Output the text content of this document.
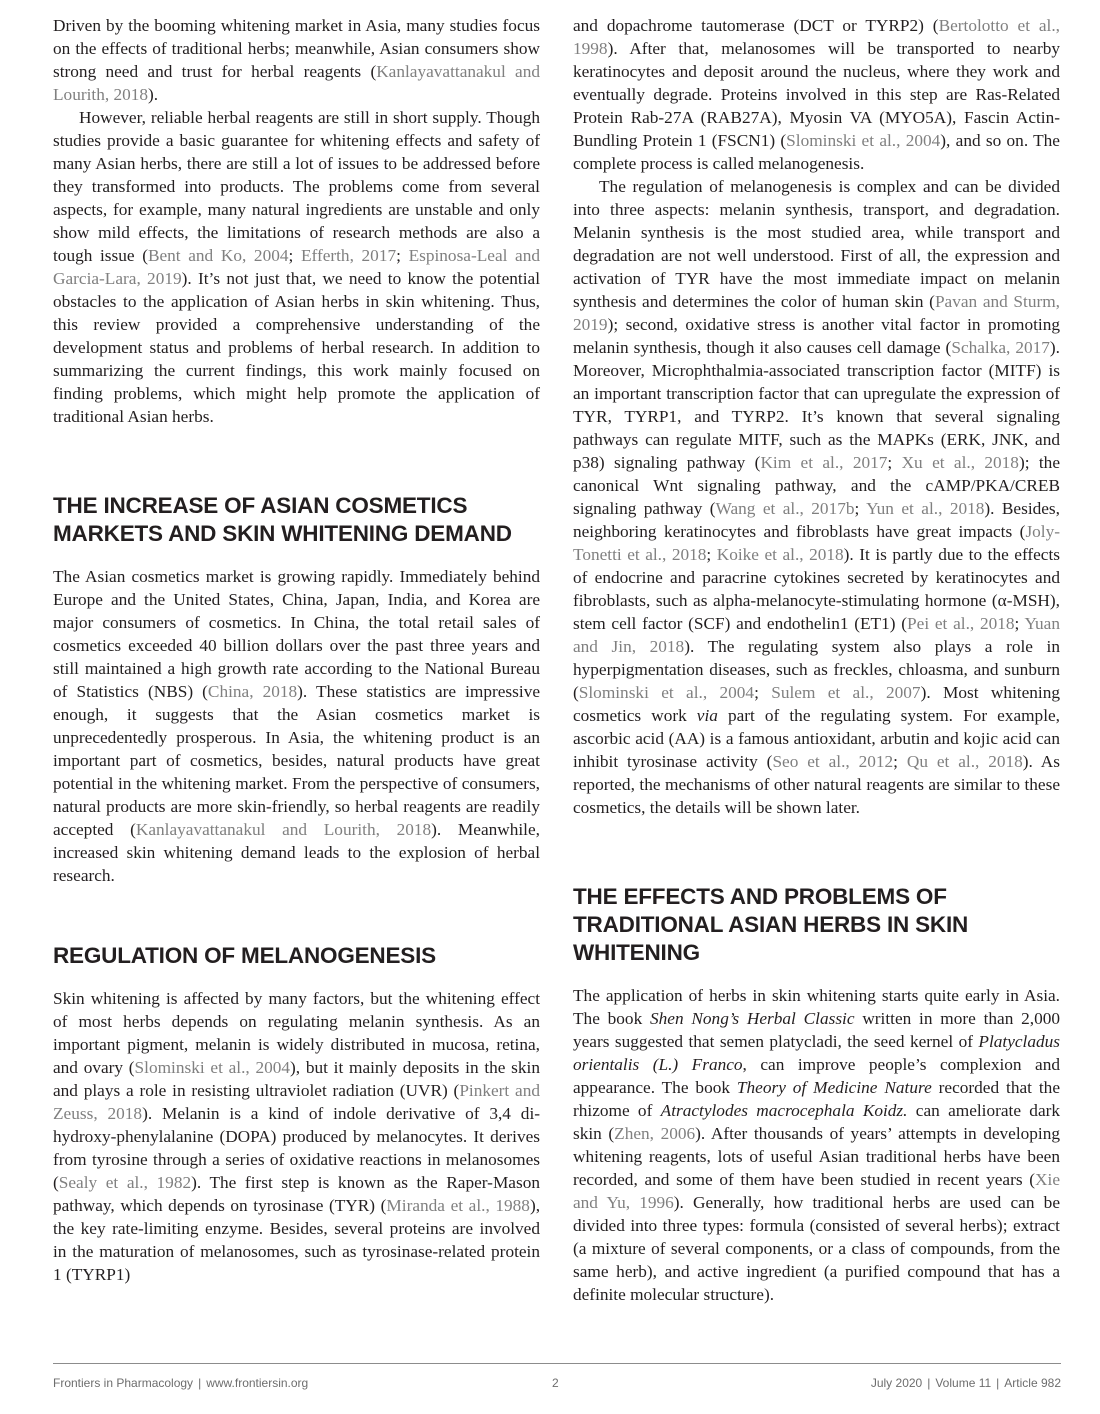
Driven by the booming whitening market in Asia, many studies focus on the effects of traditional herbs; meanwhile, Asian consumers show strong need and trust for herbal reagents (Kanlayavattanakul and Lourith, 2018).

However, reliable herbal reagents are still in short supply. Though studies provide a basic guarantee for whitening effects and safety of many Asian herbs, there are still a lot of issues to be addressed before they transformed into products. The problems come from several aspects, for example, many natural ingredients are unstable and only show mild effects, the limitations of research methods are also a tough issue (Bent and Ko, 2004; Efferth, 2017; Espinosa-Leal and Garcia-Lara, 2019). It’s not just that, we need to know the potential obstacles to the application of Asian herbs in skin whitening. Thus, this review provided a comprehensive understanding of the development status and problems of herbal research. In addition to summarizing the current findings, this work mainly focused on finding problems, which might help promote the application of traditional Asian herbs.

THE INCREASE OF ASIAN COSMETICS MARKETS AND SKIN WHITENING DEMAND

The Asian cosmetics market is growing rapidly. Immediately behind Europe and the United States, China, Japan, India, and Korea are major consumers of cosmetics. In China, the total retail sales of cosmetics exceeded 40 billion dollars over the past three years and still maintained a high growth rate according to the National Bureau of Statistics (NBS) (China, 2018). These statistics are impressive enough, it suggests that the Asian cosmetics market is unprecedentedly prosperous. In Asia, the whitening product is an important part of cosmetics, besides, natural products have great potential in the whitening market. From the perspective of consumers, natural products are more skin-friendly, so herbal reagents are readily accepted (Kanlayavattanakul and Lourith, 2018). Meanwhile, increased skin whitening demand leads to the explosion of herbal research.

REGULATION OF MELANOGENESIS

Skin whitening is affected by many factors, but the whitening effect of most herbs depends on regulating melanin synthesis. As an important pigment, melanin is widely distributed in mucosa, retina, and ovary (Slominski et al., 2004), but it mainly deposits in the skin and plays a role in resisting ultraviolet radiation (UVR) (Pinkert and Zeuss, 2018). Melanin is a kind of indole derivative of 3,4 di-hydroxy-phenylalanine (DOPA) produced by melanocytes. It derives from tyrosine through a series of oxidative reactions in melanosomes (Sealy et al., 1982). The first step is known as the Raper-Mason pathway, which depends on tyrosinase (TYR) (Miranda et al., 1988), the key rate-limiting enzyme. Besides, several proteins are involved in the maturation of melanosomes, such as tyrosinase-related protein 1 (TYRP1)

and dopachrome tautomerase (DCT or TYRP2) (Bertolotto et al., 1998). After that, melanosomes will be transported to nearby keratinocytes and deposit around the nucleus, where they work and eventually degrade. Proteins involved in this step are Ras-Related Protein Rab-27A (RAB27A), Myosin VA (MYO5A), Fascin Actin-Bundling Protein 1 (FSCN1) (Slominski et al., 2004), and so on. The complete process is called melanogenesis.

The regulation of melanogenesis is complex and can be divided into three aspects: melanin synthesis, transport, and degradation. Melanin synthesis is the most studied area, while transport and degradation are not well understood. First of all, the expression and activation of TYR have the most immediate impact on melanin synthesis and determines the color of human skin (Pavan and Sturm, 2019); second, oxidative stress is another vital factor in promoting melanin synthesis, though it also causes cell damage (Schalka, 2017). Moreover, Microphthalmia-associated transcription factor (MITF) is an important transcription factor that can upregulate the expression of TYR, TYRP1, and TYRP2. It’s known that several signaling pathways can regulate MITF, such as the MAPKs (ERK, JNK, and p38) signaling pathway (Kim et al., 2017; Xu et al., 2018); the canonical Wnt signaling pathway, and the cAMP/PKA/CREB signaling pathway (Wang et al., 2017b; Yun et al., 2018). Besides, neighboring keratinocytes and fibroblasts have great impacts (Joly-Tonetti et al., 2018; Koike et al., 2018). It is partly due to the effects of endocrine and paracrine cytokines secreted by keratinocytes and fibroblasts, such as alpha-melanocyte-stimulating hormone (α-MSH), stem cell factor (SCF) and endothelin1 (ET1) (Pei et al., 2018; Yuan and Jin, 2018). The regulating system also plays a role in hyperpigmentation diseases, such as freckles, chloasma, and sunburn (Slominski et al., 2004; Sulem et al., 2007). Most whitening cosmetics work via part of the regulating system. For example, ascorbic acid (AA) is a famous antioxidant, arbutin and kojic acid can inhibit tyrosinase activity (Seo et al., 2012; Qu et al., 2018). As reported, the mechanisms of other natural reagents are similar to these cosmetics, the details will be shown later.

THE EFFECTS AND PROBLEMS OF TRADITIONAL ASIAN HERBS IN SKIN WHITENING

The application of herbs in skin whitening starts quite early in Asia. The book Shen Nong’s Herbal Classic written in more than 2,000 years suggested that semen platycladi, the seed kernel of Platycladus orientalis (L.) Franco, can improve people’s complexion and appearance. The book Theory of Medicine Nature recorded that the rhizome of Atractylodes macrocephala Koidz. can ameliorate dark skin (Zhen, 2006). After thousands of years’ attempts in developing whitening reagents, lots of useful Asian traditional herbs have been recorded, and some of them have been studied in recent years (Xie and Yu, 1996). Generally, how traditional herbs are used can be divided into three types: formula (consisted of several herbs); extract (a mixture of several components, or a class of compounds, from the same herb), and active ingredient (a purified compound that has a definite molecular structure).

Frontiers in Pharmacology | www.frontiersin.org	2	July 2020 | Volume 11 | Article 982
